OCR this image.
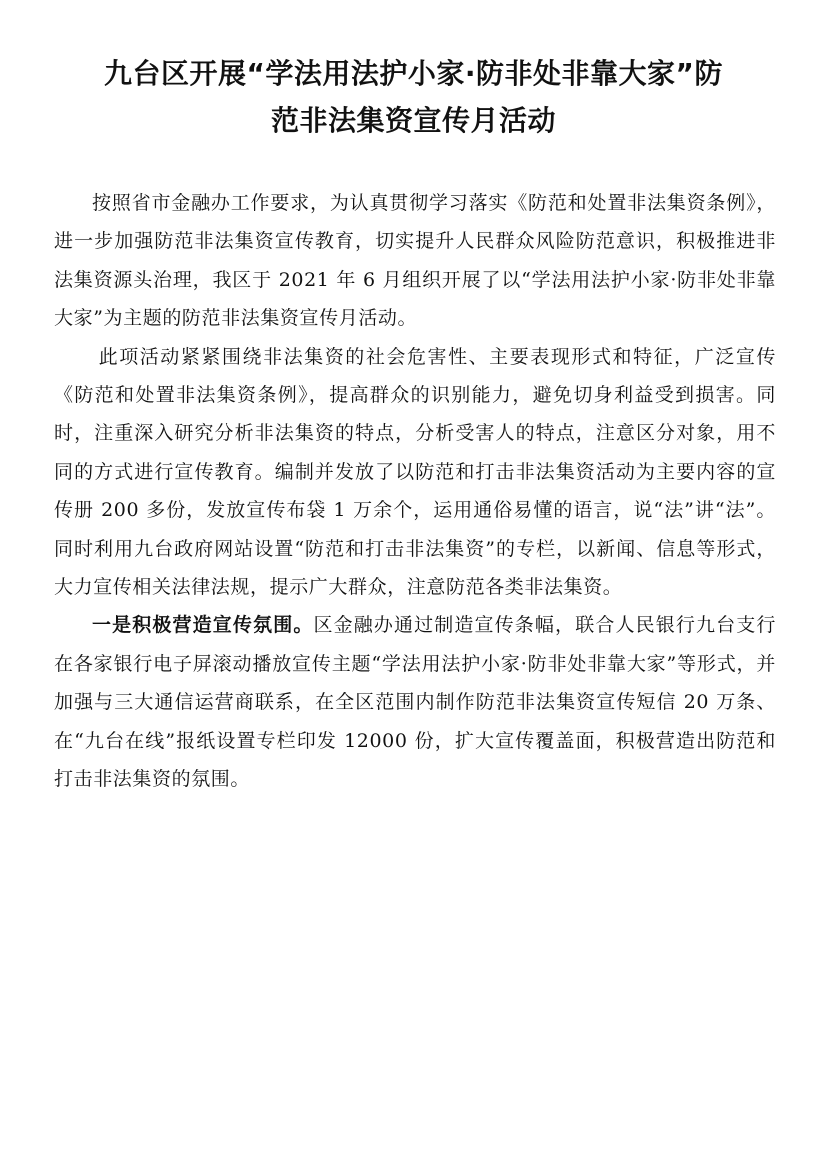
九台区开展“学法用法护小家·防非处非靠大家”防
范非法集资宣传月活动

按照省市金融办工作要求，为认真贯彻学习落实《防范和处置非法集资条例》，进一步加强防范非法集资宣传教育，切实提升人民群众风险防范意识，积极推进非法集资源头治理，我区于 2021 年 6 月组织开展了以“学法用法护小家·防非处非靠大家”为主题的防范非法集资宣传月活动。

此项活动紧紧围绕非法集资的社会危害性、主要表现形式和特征，广泛宣传《防范和处置非法集资条例》，提高群众的识别能力，避免切身利益受到损害。同时，注重深入研究分析非法集资的特点，分析受害人的特点，注意区分对象，用不同的方式进行宣传教育。编制并发放了以防范和打击非法集资活动为主要内容的宣传册 200 多份，发放宣传布袋 1 万余个，运用通俗易懂的语言，说“法”讲“法”。同时利用九台政府网站设置“防范和打击非法集资”的专栏，以新闻、信息等形式，大力宣传相关法律法规，提示广大群众，注意防范各类非法集资。

一是积极营造宣传氛围。区金融办通过制造宣传条幅，联合人民银行九台支行在各家银行电子屏滚动播放宣传主题“学法用法护小家·防非处非靠大家”等形式，并加强与三大通信运营商联系，在全区范围内制作防范非法集资宣传短信 20 万条、在“九台在线”报纸设置专栏印发 12000 份，扩大宣传覆盖面，积极营造出防范和打击非法集资的氛围。
